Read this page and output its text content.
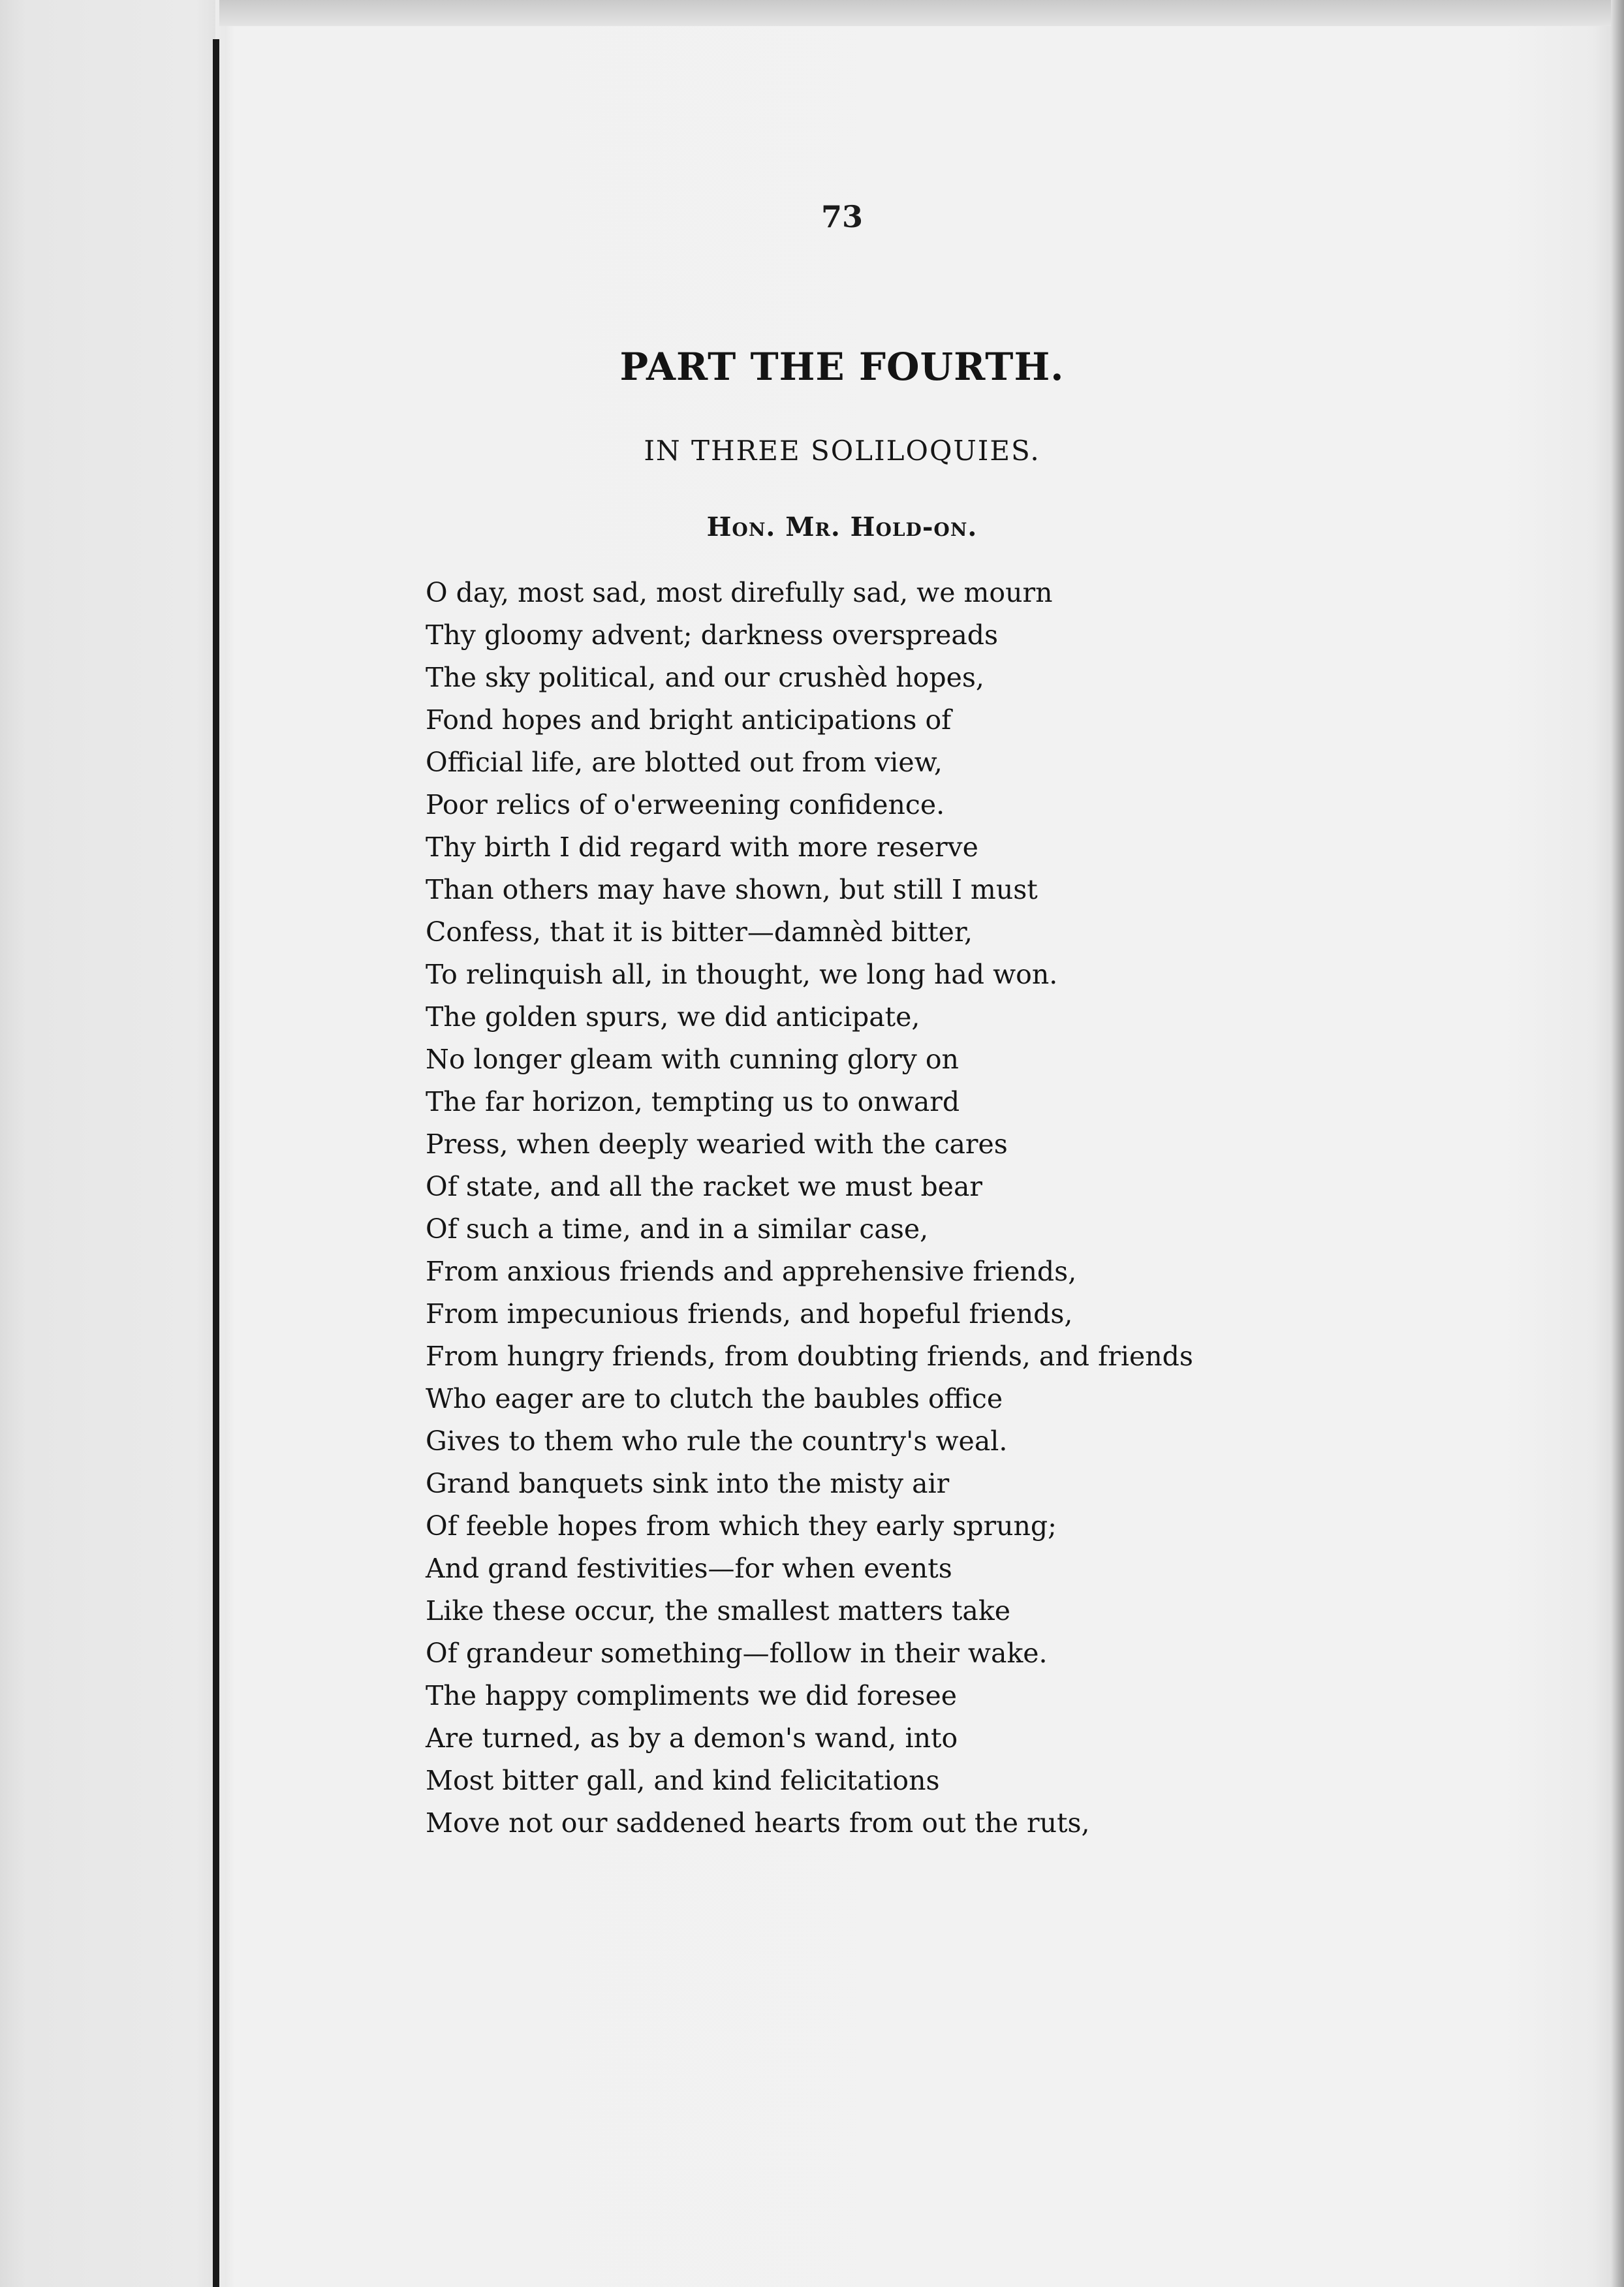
73
PART THE FOURTH.
IN THREE SOLILOQUIES.
Hon. Mr. Hold-on.
O day, most sad, most direfully sad, we mourn
Thy gloomy advent; darkness overspreads
The sky political, and our crushèd hopes,
Fond hopes and bright anticipations of
Official life, are blotted out from view,
Poor relics of o'erweening confidence.
Thy birth I did regard with more reserve
Than others may have shown, but still I must
Confess, that it is bitter—damnèd bitter,
To relinquish all, in thought, we long had won.
The golden spurs, we did anticipate,
No longer gleam with cunning glory on
The far horizon, tempting us to onward
Press, when deeply wearied with the cares
Of state, and all the racket we must bear
Of such a time, and in a similar case,
From anxious friends and apprehensive friends,
From impecunious friends, and hopeful friends,
From hungry friends, from doubting friends, and friends
Who eager are to clutch the baubles office
Gives to them who rule the country's weal.
Grand banquets sink into the misty air
Of feeble hopes from which they early sprung;
And grand festivities—for when events
Like these occur, the smallest matters take
Of grandeur something—follow in their wake.
The happy compliments we did foresee
Are turned, as by a demon's wand, into
Most bitter gall, and kind felicitations
Move not our saddened hearts from out the ruts,
